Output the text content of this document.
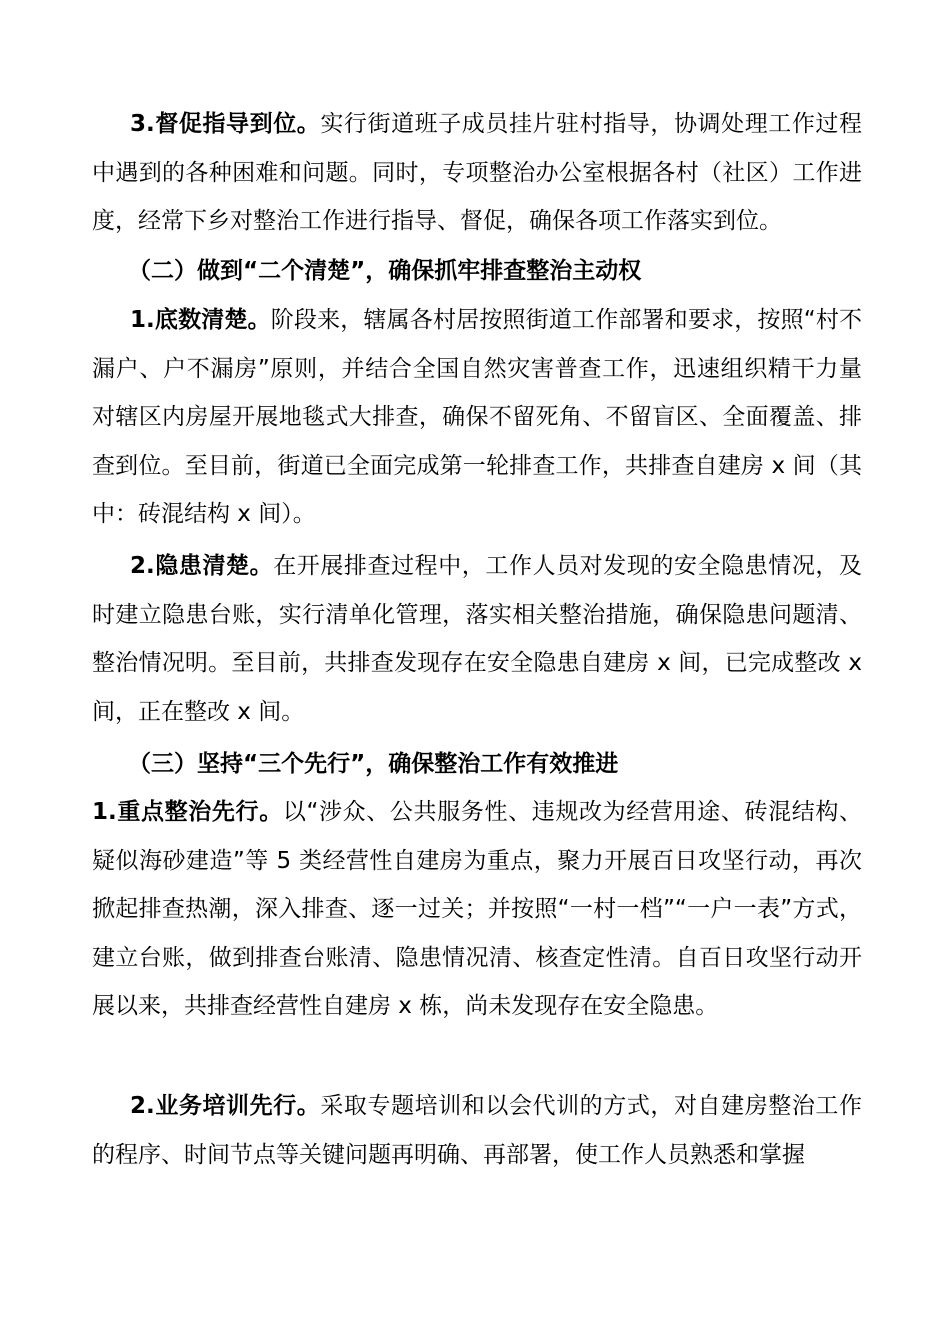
3.督促指导到位。实行街道班子成员挂片驻村指导，协调处理工作过程中遇到的各种困难和问题。同时，专项整治办公室根据各村（社区）工作进度，经常下乡对整治工作进行指导、督促，确保各项工作落实到位。

（二）做到“二个清楚”，确保抓牢排查整治主动权

1.底数清楚。阶段来，辖属各村居按照街道工作部署和要求，按照“村不漏户、户不漏房”原则，并结合全国自然灾害普查工作，迅速组织精干力量对辖区内房屋开展地毯式大排查，确保不留死角、不留盲区、全面覆盖、排查到位。至目前，街道已全面完成第一轮排查工作，共排查自建房 x 间（其中：砖混结构 x 间）。

2.隐患清楚。在开展排查过程中，工作人员对发现的安全隐患情况，及时建立隐患台账，实行清单化管理，落实相关整治措施，确保隐患问题清、整治情况明。至目前，共排查发现存在安全隐患自建房 x 间，已完成整改 x 间，正在整改 x 间。

（三）坚持“三个先行”，确保整治工作有效推进

1.重点整治先行。以“涉众、公共服务性、违规改为经营用途、砖混结构、疑似海砂建造”等 5 类经营性自建房为重点，聚力开展百日攻坚行动，再次掀起排查热潮，深入排查、逐一过关；并按照“一村一档”“一户一表”方式，建立台账，做到排查台账清、隐患情况清、核查定性清。自百日攻坚行动开展以来，共排查经营性自建房 x 栋，尚未发现存在安全隐患。

2.业务培训先行。采取专题培训和以会代训的方式，对自建房整治工作的程序、时间节点等关键问题再明确、再部署，使工作人员熟悉和掌握
